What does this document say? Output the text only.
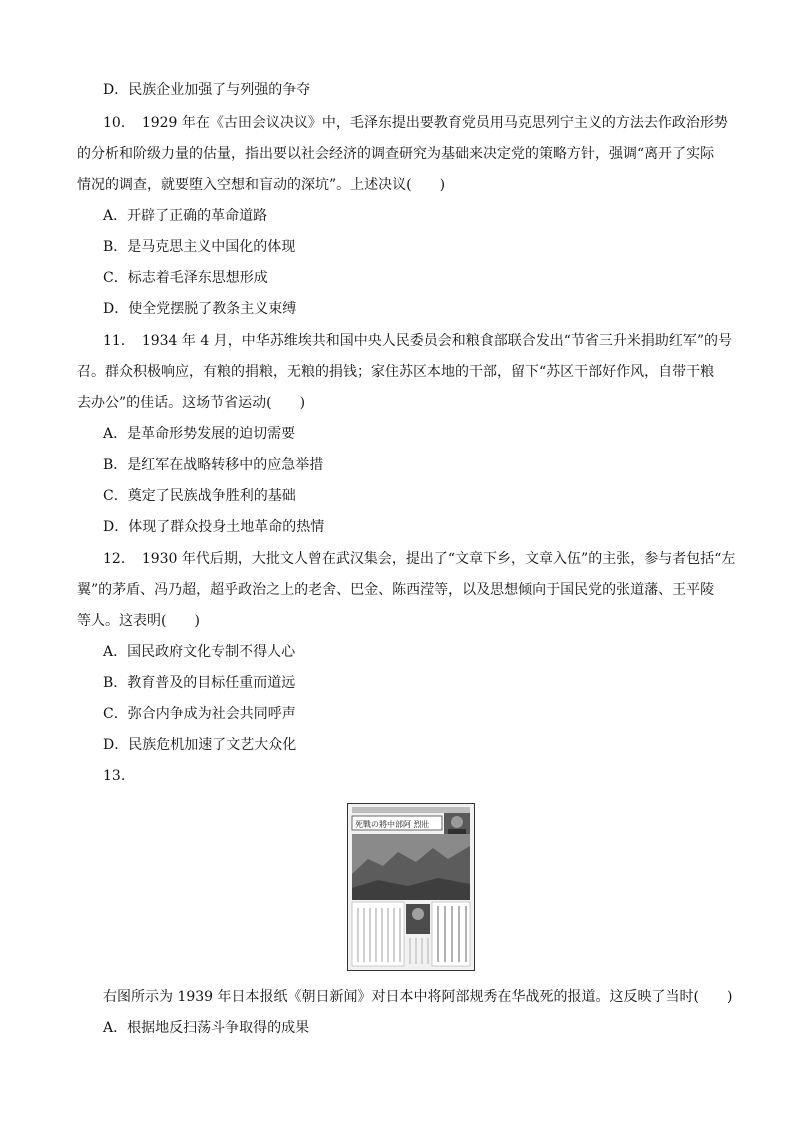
D．民族企业加强了与列强的争夺
10．　1929 年在《古田会议决议》中，毛泽东提出要教育党员用马克思列宁主义的方法去作政治形势
的分析和阶级力量的估量，指出要以社会经济的调查研究为基础来决定党的策略方针，强调“离开了实际
情况的调查，就要堕入空想和盲动的深坑”。上述决议(　　)
A．开辟了正确的革命道路
B．是马克思主义中国化的体现
C．标志着毛泽东思想形成
D．使全党摆脱了教条主义束缚
11．　1934 年 4 月，中华苏维埃共和国中央人民委员会和粮食部联合发出“节省三升米捐助红军”的号
召。群众积极响应，有粮的捐粮，无粮的捐钱；家住苏区本地的干部，留下“苏区干部好作风，自带干粮
去办公”的佳话。这场节省运动(　　)
A．是革命形势发展的迫切需要
B．是红军在战略转移中的应急举措
C．奠定了民族战争胜利的基础
D．体现了群众投身土地革命的热情
12．　1930 年代后期，大批文人曾在武汉集会，提出了“文章下乡，文章入伍”的主张，参与者包括“左
翼”的茅盾、冯乃超，超乎政治之上的老舍、巴金、陈西滢等，以及思想倾向于国民党的张道藩、王平陵
等人。这表明(　　)
A．国民政府文化专制不得人心
B．教育普及的目标任重而道远
C．弥合内争成为社会共同呼声
D．民族危机加速了文艺大众化
13.
死戰の將中部阿 烈壯
右图所示为 1939 年日本报纸《朝日新闻》对日本中将阿部规秀在华战死的报道。这反映了当时(　　)
A．根据地反扫荡斗争取得的成果
